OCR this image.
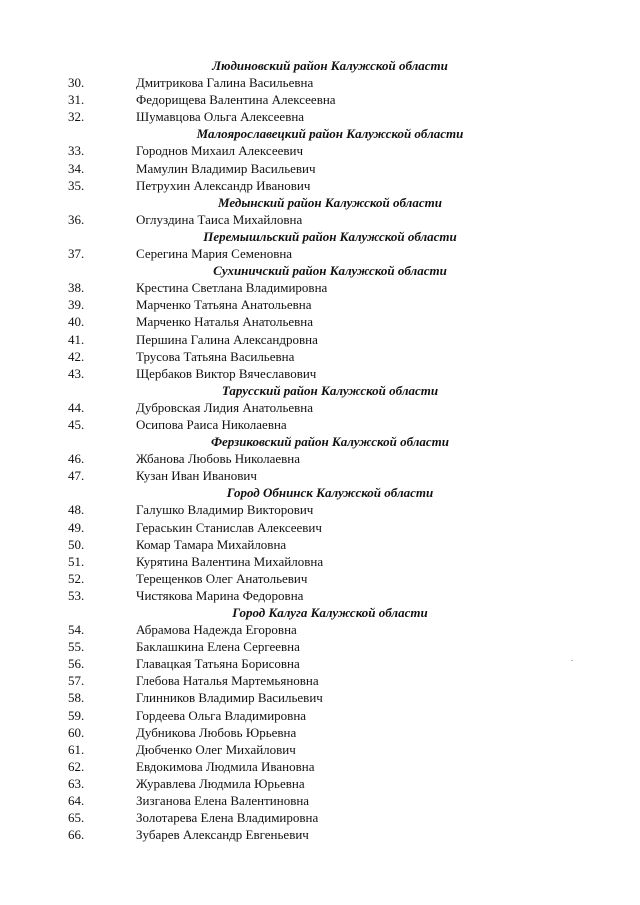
Людиновский район Калужской области
30.	Дмитрикова Галина Васильевна
31.	Федорищева Валентина Алексеевна
32.	Шумавцова Ольга Алексеевна
Малоярославецкий район Калужской области
33.	Городнов Михаил Алексеевич
34.	Мамулин Владимир Васильевич
35.	Петрухин Александр Иванович
Медынский район Калужской области
36.	Оглуздина Таиса Михайловна
Перемышльский район Калужской области
37.	Серегина Мария Семеновна
Сухиничский район Калужской области
38.	Крестина Светлана Владимировна
39.	Марченко Татьяна Анатольевна
40.	Марченко Наталья Анатольевна
41.	Першина Галина Александровна
42.	Трусова Татьяна Васильевна
43.	Щербаков Виктор Вячеславович
Тарусский район Калужской области
44.	Дубровская Лидия Анатольевна
45.	Осипова Раиса Николаевна
Ферзиковский район Калужской области
46.	Жбанова Любовь Николаевна
47.	Кузан Иван Иванович
Город Обнинск Калужской области
48.	Галушко Владимир Викторович
49.	Гераськин Станислав Алексеевич
50.	Комар Тамара Михайловна
51.	Курятина Валентина Михайловна
52.	Терещенков Олег Анатольевич
53.	Чистякова Марина Федоровна
Город Калуга Калужской области
54.	Абрамова Надежда Егоровна
55.	Баклашкина Елена Сергеевна
56.	Главацкая Татьяна Борисовна
57.	Глебова Наталья Мартемьяновна
58.	Глинников Владимир Васильевич
59.	Гордеева Ольга Владимировна
60.	Дубникова Любовь Юрьевна
61.	Дюбченко Олег Михайлович
62.	Евдокимова Людмила Ивановна
63.	Журавлева Людмила Юрьевна
64.	Зизганова Елена Валентиновна
65.	Золотарева Елена Владимировна
66.	Зубарев Александр Евгеньевич
